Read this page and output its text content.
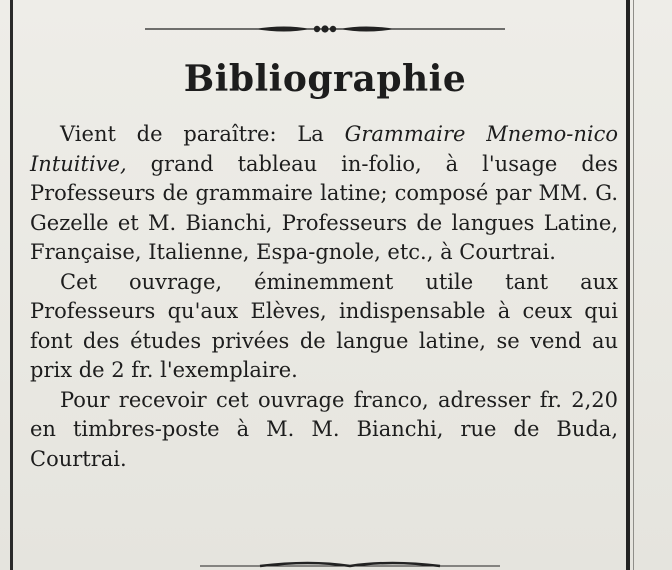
Bibliographie

Vient de paraître: La Grammaire Mnemo-nico Intuitive, grand tableau in-folio, à l'usage des Professeurs de grammaire latine; composé par MM. G. Gezelle et M. Bianchi, Professeurs de langues Latine, Française, Italienne, Espa-gnole, etc., à Courtrai.

Cet ouvrage, éminemment utile tant aux Professeurs qu'aux Elèves, indispensable à ceux qui font des études privées de langue latine, se vend au prix de 2 fr. l'exemplaire.

Pour recevoir cet ouvrage franco, adresser fr. 2,20 en timbres-poste à M. M. Bianchi, rue de Buda, Courtrai.
